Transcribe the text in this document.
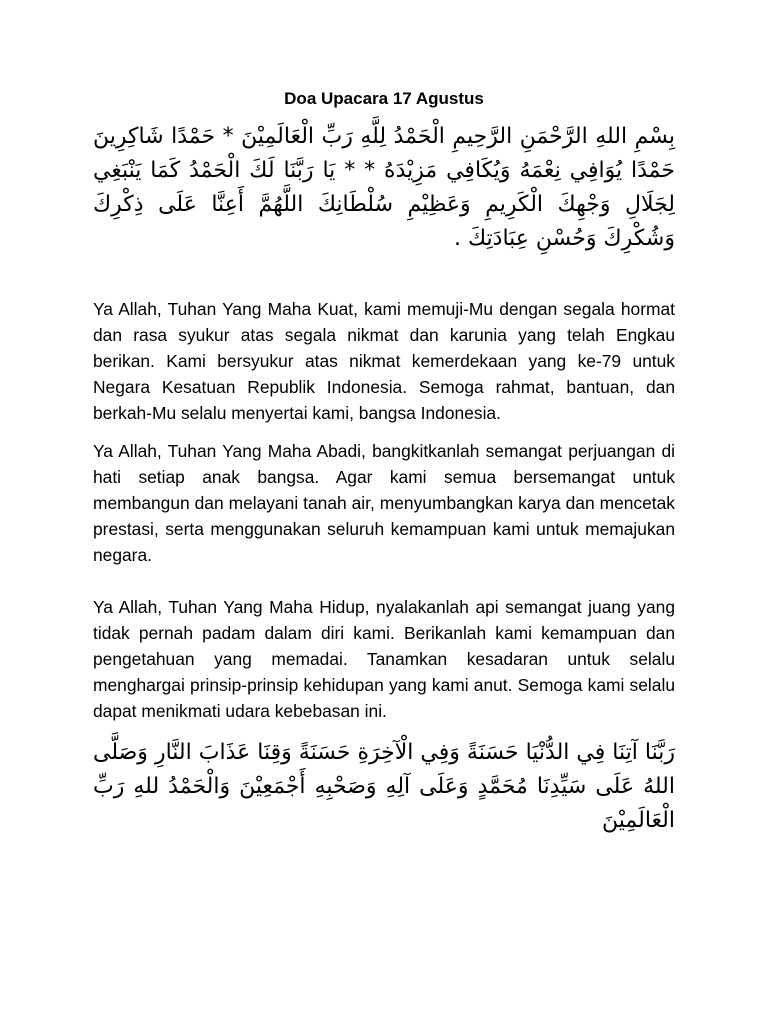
Doa Upacara 17 Agustus

بِسْمِ اللهِ الرَّحْمَنِ الرَّحِيمِ الْحَمْدُ لِلَّهِ رَبِّ الْعَالَمِيْنَ * حَمْدًا شَاكِرِينَ حَمْدًا يُوَافِي نِعْمَهُ وَيُكَافِي مَزِيْدَهُ * * يَا رَبَّنَا لَكَ الْحَمْدُ كَمَا يَنْبَغِي لِجَلَالِ وَجْهِكَ الْكَرِيمِ وَعَظِيْمِ سُلْطَانِكَ اللَّهُمَّ أَعِنَّا عَلَى ذِكْرِكَ وَشُكْرِكَ وَحُسْنِ عِبَادَتِكَ .

Ya Allah, Tuhan Yang Maha Kuat, kami memuji-Mu dengan segala hormat dan rasa syukur atas segala nikmat dan karunia yang telah Engkau berikan. Kami bersyukur atas nikmat kemerdekaan yang ke-79 untuk Negara Kesatuan Republik Indonesia. Semoga rahmat, bantuan, dan berkah-Mu selalu menyertai kami, bangsa Indonesia.

Ya Allah, Tuhan Yang Maha Abadi, bangkitkanlah semangat perjuangan di hati setiap anak bangsa. Agar kami semua bersemangat untuk membangun dan melayani tanah air, menyumbangkan karya dan mencetak prestasi, serta menggunakan seluruh kemampuan kami untuk memajukan negara.

Ya Allah, Tuhan Yang Maha Hidup, nyalakanlah api semangat juang yang tidak pernah padam dalam diri kami. Berikanlah kami kemampuan dan pengetahuan yang memadai. Tanamkan kesadaran untuk selalu menghargai prinsip-prinsip kehidupan yang kami anut. Semoga kami selalu dapat menikmati udara kebebasan ini.

رَبَّنَا آتِنَا فِي الدُّنْيَا حَسَنَةً وَفِي الْآخِرَةِ حَسَنَةً وَقِنَا عَذَابَ النَّارِ وَصَلَّى اللهُ عَلَى سَيِّدِنَا مُحَمَّدٍ وَعَلَى آلِهِ وَصَحْبِهِ أَجْمَعِيْنَ وَالْحَمْدُ للهِ رَبِّ الْعَالَمِيْنَ
